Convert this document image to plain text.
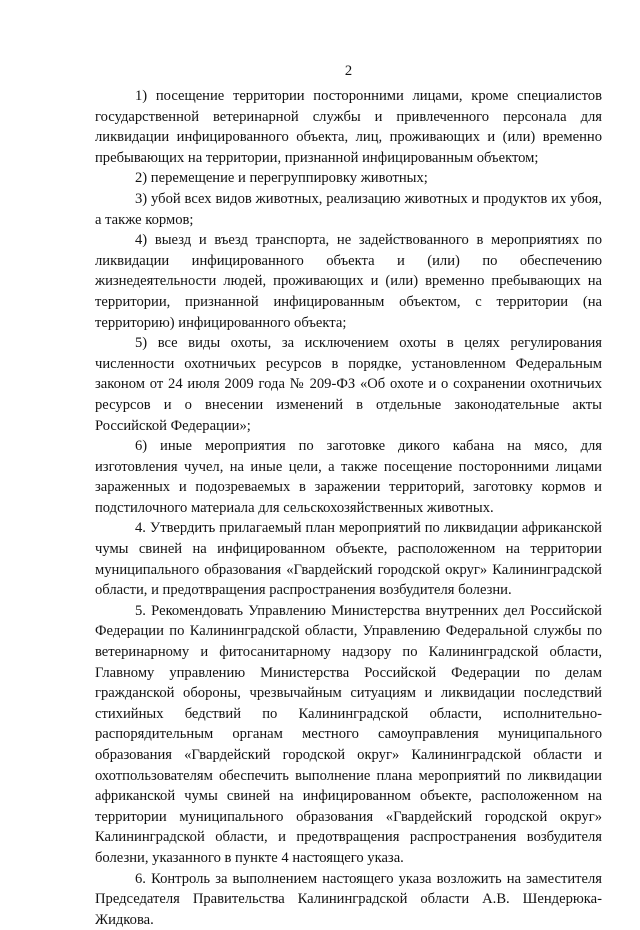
2

1) посещение территории посторонними лицами, кроме специалистов государственной ветеринарной службы и привлеченного персонала для ликвидации инфицированного объекта, лиц, проживающих и (или) временно пребывающих на территории, признанной инфицированным объектом;

2) перемещение и перегруппировку животных;

3) убой всех видов животных, реализацию животных и продуктов их убоя, а также кормов;

4) выезд и въезд транспорта, не задействованного в мероприятиях по ликвидации инфицированного объекта и (или) по обеспечению жизнедеятельности людей, проживающих и (или) временно пребывающих на территории, признанной инфицированным объектом, с территории (на территорию) инфицированного объекта;

5) все виды охоты, за исключением охоты в целях регулирования численности охотничьих ресурсов в порядке, установленном Федеральным законом от 24 июля 2009 года № 209-ФЗ «Об охоте и о сохранении охотничьих ресурсов и о внесении изменений в отдельные законодательные акты Российской Федерации»;

6) иные мероприятия по заготовке дикого кабана на мясо, для изготовления чучел, на иные цели, а также посещение посторонними лицами зараженных и подозреваемых в заражении территорий, заготовку кормов и подстилочного материала для сельскохозяйственных животных.

4. Утвердить прилагаемый план мероприятий по ликвидации африканской чумы свиней на инфицированном объекте, расположенном на территории муниципального образования «Гвардейский городской округ» Калининградской области, и предотвращения распространения возбудителя болезни.

5. Рекомендовать Управлению Министерства внутренних дел Российской Федерации по Калининградской области, Управлению Федеральной службы по ветеринарному и фитосанитарному надзору по Калининградской области, Главному управлению Министерства Российской Федерации по делам гражданской обороны, чрезвычайным ситуациям и ликвидации последствий стихийных бедствий по Калининградской области, исполнительно-распорядительным органам местного самоуправления муниципального образования «Гвардейский городской округ» Калининградской области и охотпользователям обеспечить выполнение плана мероприятий по ликвидации африканской чумы свиней на инфицированном объекте, расположенном на территории муниципального образования «Гвардейский городской округ» Калининградской области, и предотвращения распространения возбудителя болезни, указанного в пункте 4 настоящего указа.

6. Контроль за выполнением настоящего указа возложить на заместителя Председателя Правительства Калининградской области А.В. Шендерюка-Жидкова.
